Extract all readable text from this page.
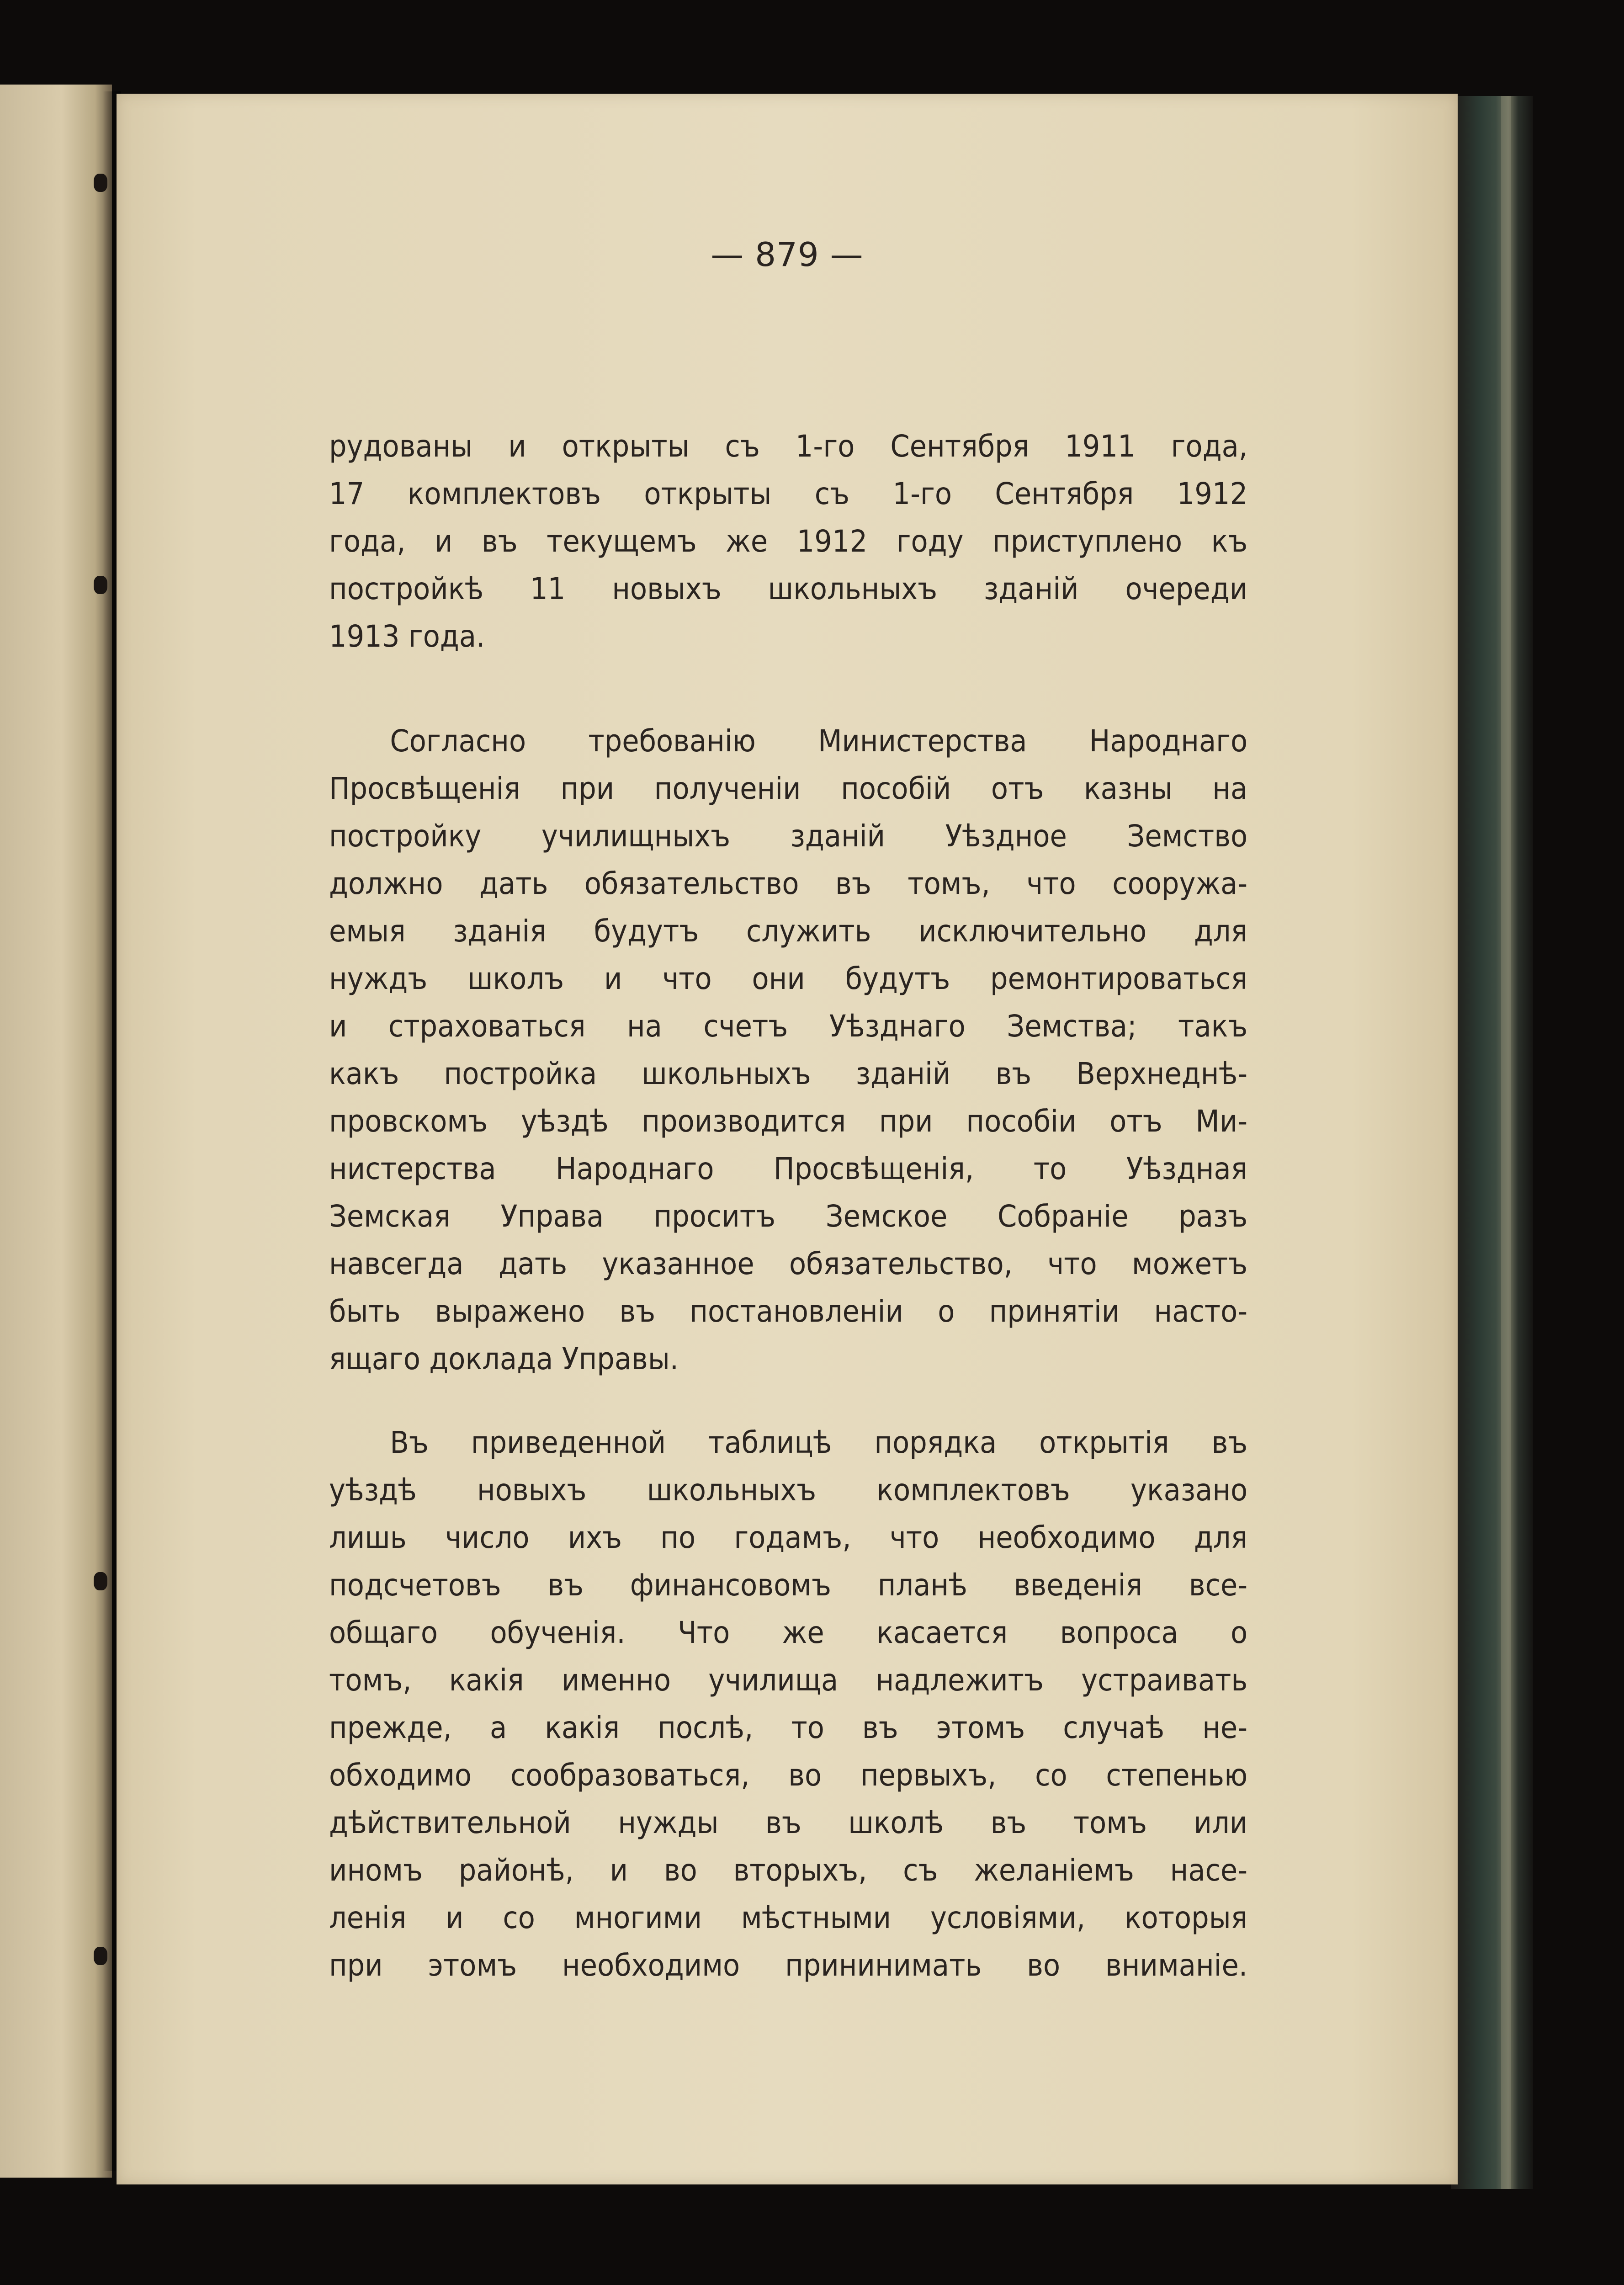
— 879 —
рудованы и открыты съ 1-го Сентября 1911 года,
17 комплектовъ открыты съ 1-го Сентября 1912
года, и въ текущемъ же 1912 году приступлено къ
постройкѣ 11 новыхъ школьныхъ зданій очереди
1913 года.
Согласно требованію Министерства Народнаго
Просвѣщенія при полученіи пособій отъ казны на
постройку училищныхъ зданій Уѣздное Земство
должно дать обязательство въ томъ, что сооружа-
емыя зданія будутъ служить исключительно для
нуждъ школъ и что они будутъ ремонтироваться
и страховаться на счетъ Уѣзднаго Земства; такъ
какъ постройка школьныхъ зданій въ Верхнеднѣ-
провскомъ уѣздѣ производится при пособіи отъ Ми-
нистерства Народнаго Просвѣщенія, то Уѣздная
Земская Управа проситъ Земское Собраніе разъ
навсегда дать указанное обязательство, что можетъ
быть выражено въ постановленіи о принятіи насто-
ящаго доклада Управы.
Въ приведенной таблицѣ порядка открытія въ
уѣздѣ новыхъ школьныхъ комплектовъ указано
лишь число ихъ по годамъ, что необходимо для
подсчетовъ въ финансовомъ планѣ введенія все-
общаго обученія. Что же касается вопроса о
томъ, какія именно училища надлежитъ устраивать
прежде, а какія послѣ, то въ этомъ случаѣ не-
обходимо сообразоваться, во первыхъ, со степенью
дѣйствительной нужды въ школѣ въ томъ или
иномъ районѣ, и во вторыхъ, съ желаніемъ насе-
ленія и со многими мѣстными условіями, которыя
при этомъ необходимо прининимать во вниманіе.
